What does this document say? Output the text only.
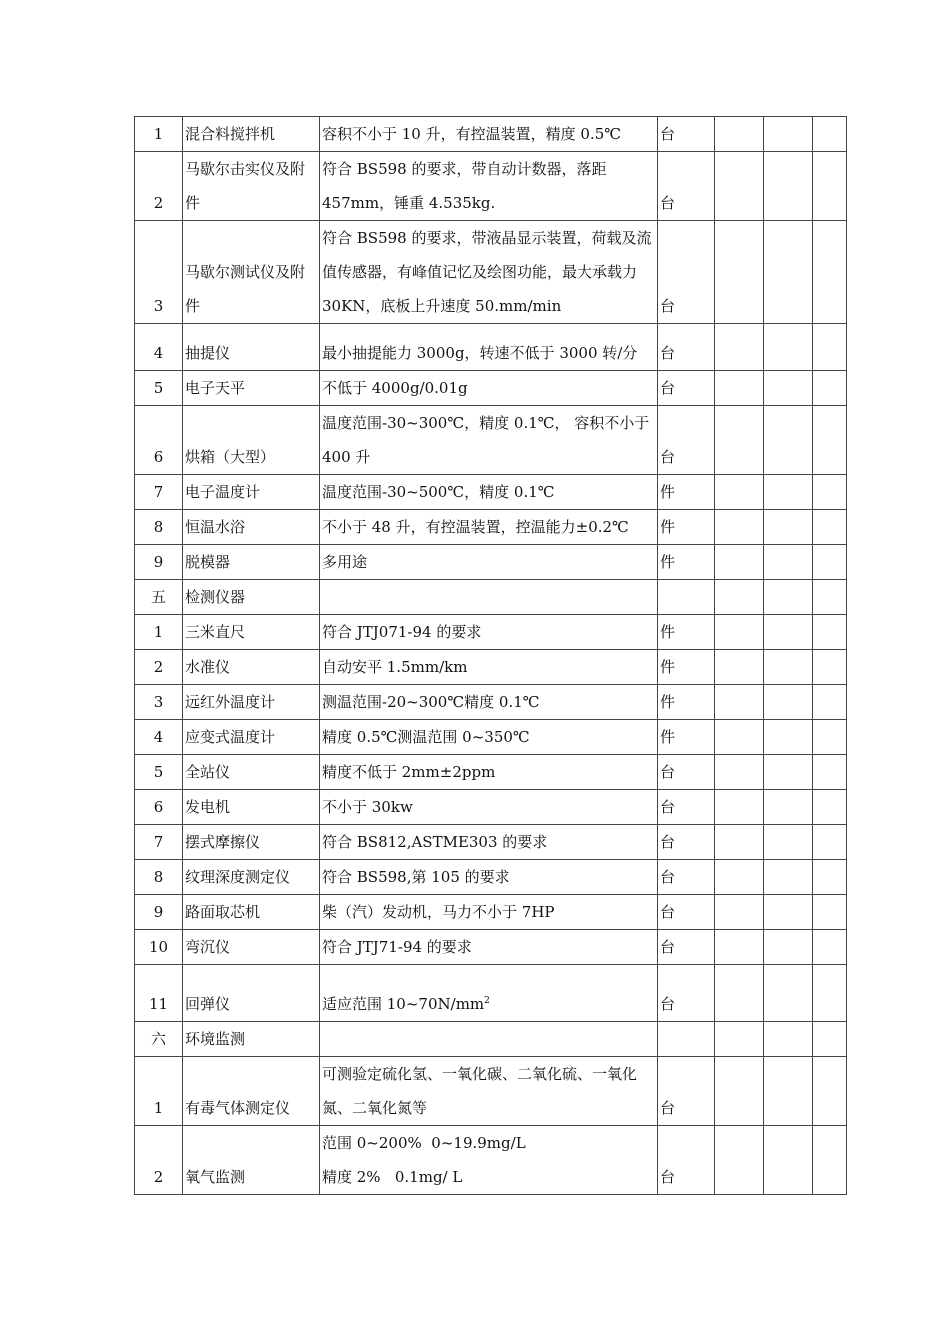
1	混合料搅拌机	容积不小于 10 升，有控温装置，精度 0.5℃	台			
2	马歇尔击实仪及附件	符合 BS598 的要求，带自动计数器，落距 457mm，锤重 4.535kg.	台			
3	马歇尔测试仪及附件	符合 BS598 的要求，带液晶显示装置，荷载及流值传感器，有峰值记忆及绘图功能，最大承载力 30KN，底板上升速度 50.mm/min	台			
4	抽提仪	最小抽提能力 3000g，转速不低于 3000 转/分	台			
5	电子天平	不低于 4000g/0.01g	台			
6	烘箱（大型）	温度范围-30~300℃，精度 0.1℃， 容积不小于 400 升	台			
7	电子温度计	温度范围-30~500℃，精度 0.1℃	件			
8	恒温水浴	不小于 48 升，有控温装置，控温能力±0.2℃	件			
9	脱模器	多用途	件			
五	检测仪器					
1	三米直尺	符合 JTJ071-94 的要求	件			
2	水准仪	自动安平 1.5mm/km	件			
3	远红外温度计	测温范围-20~300℃精度 0.1℃	件			
4	应变式温度计	精度 0.5℃测温范围 0~350℃	件			
5	全站仪	精度不低于 2mm±2ppm	台			
6	发电机	不小于 30kw	台			
7	摆式摩擦仪	符合 BS812,ASTME303 的要求	台			
8	纹理深度测定仪	符合 BS598,第 105 的要求	台			
9	路面取芯机	柴（汽）发动机，马力不小于 7HP	台			
10	弯沉仪	符合 JTJ71-94 的要求	台			
11	回弹仪	适应范围 $10\sim 70N/mm^2$	台			
六	环境监测					
1	有毒气体测定仪	可测验定硫化氢、一氧化碳、二氧化硫、一氧化氮、二氧化氮等	台			
2	氧气监测	范围 0~200%  0~19.9mg/L
精度 2%   0.1mg/ L	台			
